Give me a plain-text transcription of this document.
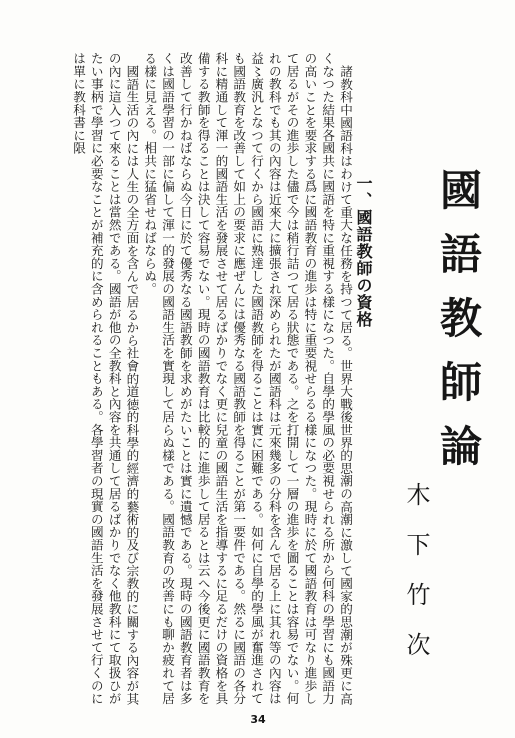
國語教師論
木下竹次
一、國語教師の資格

諸教科中國語科はわけて重大な任務を持つて居る。世界大戰後世界的思潮の高潮に激して國家的思潮が殊更に高くなつた結果各國共に國語を特に重視する樣になつた。自學的學風の必要視せられる所から何科の學習にも國語力の高いことを要求する爲に國語教育の進歩は特に重要視せらるる樣になつた。現時に於て國語教育は可なり進歩して居るがその進歩した儘で今は稍行詰つて居る狀態である。之を打開して一層の進歩を圖ることは容易でない。何れの教科でも其の內容は近來大に擴張され深められたが國語科は元來幾多の分科を含んで居る上に其れ等の內容は益〻廣汎となつて行くから國語に熟達した國語教師を得ることは實に困難である。如何に自學的學風が奮進されても國語教育を改善して如上の要求に應ぜんには優秀なる國語教師を得ることが第一要件である。然るに國語の各分科に精通して渾一的國語生活を發展させて居るばかりでなく更に兒童の國語生活を指導するに足るだけの資格を具備する教師を得ることは決して容易でない。現時の國語教育は比較的に進歩して居るとは云へ今後更に國語教育を改善して行かねばならぬ今日に於て優秀なる國語教師を求めがたいことは實に遺憾である。現時の國語教育者は多くは國語學習の一部に偏して渾一的發展の國語生活を實現して居らぬ樣である。國語教育の改善にも聊か疲れて居る樣に見える。相共に猛省せねばならぬ。

國語生活の內には人生の全方面を含んで居るから社會的道徳的科學的經濟的藝術的及び宗教的に關する內容が其の內に這入つて來ることは當然である。國語が他の全教科と內容を共通して居るばかりでなく他教科にて取扱ひがたい事柄で學習に必要なことが補充的に含められることもある。各學習者の現實の國語生活を發展させて行くのには單に教科書に限

34
